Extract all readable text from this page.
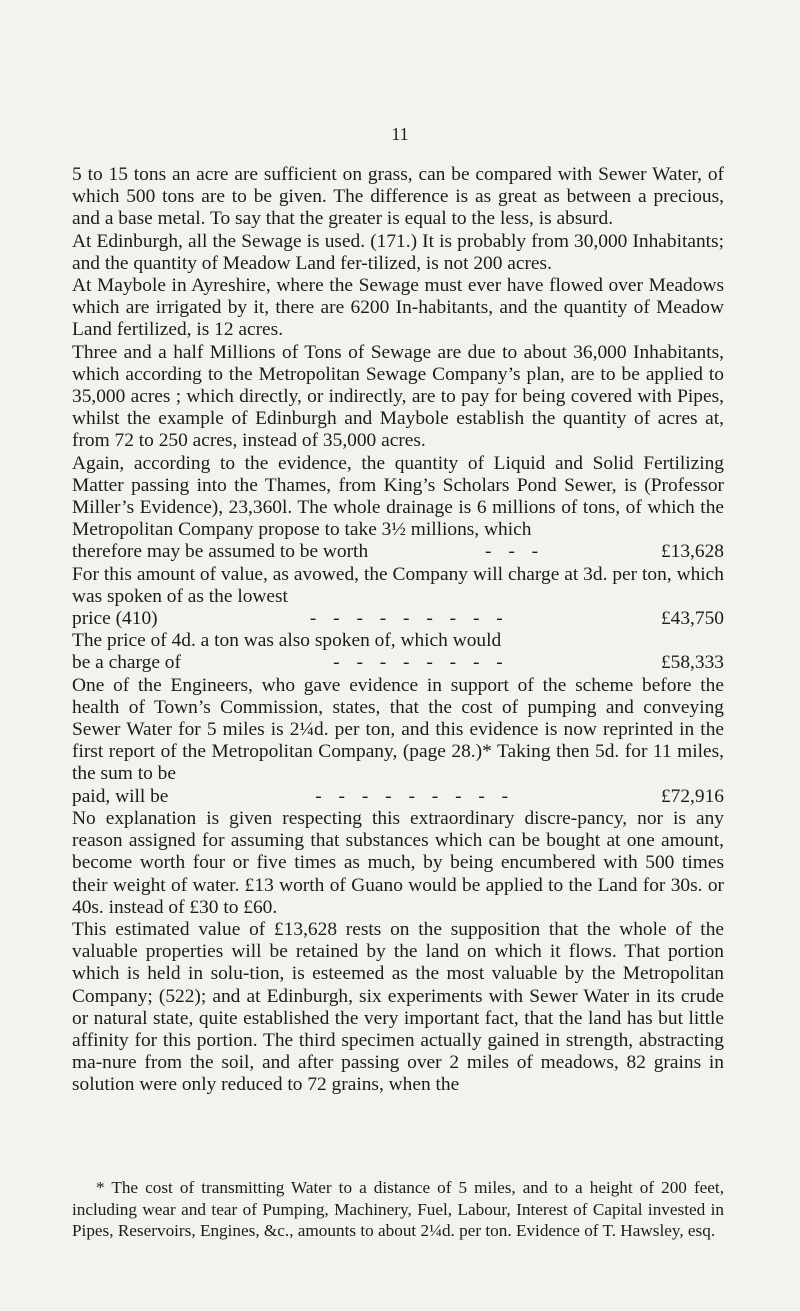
11

5 to 15 tons an acre are sufficient on grass, can be compared with Sewer Water, of which 500 tons are to be given. The difference is as great as between a precious, and a base metal. To say that the greater is equal to the less, is absurd.

At Edinburgh, all the Sewage is used. (171.) It is probably from 30,000 Inhabitants; and the quantity of Meadow Land fer-tilized, is not 200 acres.

At Maybole in Ayreshire, where the Sewage must ever have flowed over Meadows which are irrigated by it, there are 6200 In-habitants, and the quantity of Meadow Land fertilized, is 12 acres.

Three and a half Millions of Tons of Sewage are due to about 36,000 Inhabitants, which according to the Metropolitan Sewage Company’s plan, are to be applied to 35,000 acres ; which directly, or indirectly, are to pay for being covered with Pipes, whilst the example of Edinburgh and Maybole establish the quantity of acres at, from 72 to 250 acres, instead of 35,000 acres.

Again, according to the evidence, the quantity of Liquid and Solid Fertilizing Matter passing into the Thames, from King’s Scholars Pond Sewer, is (Professor Miller’s Evidence), 23,360l. The whole drainage is 6 millions of tons, of which the Metropolitan Company propose to take 3½ millions, which

therefore may be assumed to be worth	- - -	£13,628

For this amount of value, as avowed, the Company will charge at 3d. per ton, which was spoken of as the lowest

price (410)	- - - - - - - - -	£43,750

The price of 4d. a ton was also spoken of, which would

be a charge of	- - - - - - - -	£58,333

One of the Engineers, who gave evidence in support of the scheme before the health of Town’s Commission, states, that the cost of pumping and conveying Sewer Water for 5 miles is 2¼d. per ton, and this evidence is now reprinted in the first report of the Metropolitan Company, (page 28.)* Taking then 5d. for 11 miles, the sum to be

paid, will be	- - - - - - - - -	£72,916

No explanation is given respecting this extraordinary discre-pancy, nor is any reason assigned for assuming that substances which can be bought at one amount, become worth four or five times as much, by being encumbered with 500 times their weight of water. £13 worth of Guano would be applied to the Land for 30s. or 40s. instead of £30 to £60.

This estimated value of £13,628 rests on the supposition that the whole of the valuable properties will be retained by the land on which it flows. That portion which is held in solu-tion, is esteemed as the most valuable by the Metropolitan Company; (522); and at Edinburgh, six experiments with Sewer Water in its crude or natural state, quite established the very important fact, that the land has but little affinity for this portion. The third specimen actually gained in strength, abstracting ma-nure from the soil, and after passing over 2 miles of meadows, 82 grains in solution were only reduced to 72 grains, when the

* The cost of transmitting Water to a distance of 5 miles, and to a height of 200 feet, including wear and tear of Pumping, Machinery, Fuel, Labour, Interest of Capital invested in Pipes, Reservoirs, Engines, &c., amounts to about 2¼d. per ton. Evidence of T. Hawsley, esq.
